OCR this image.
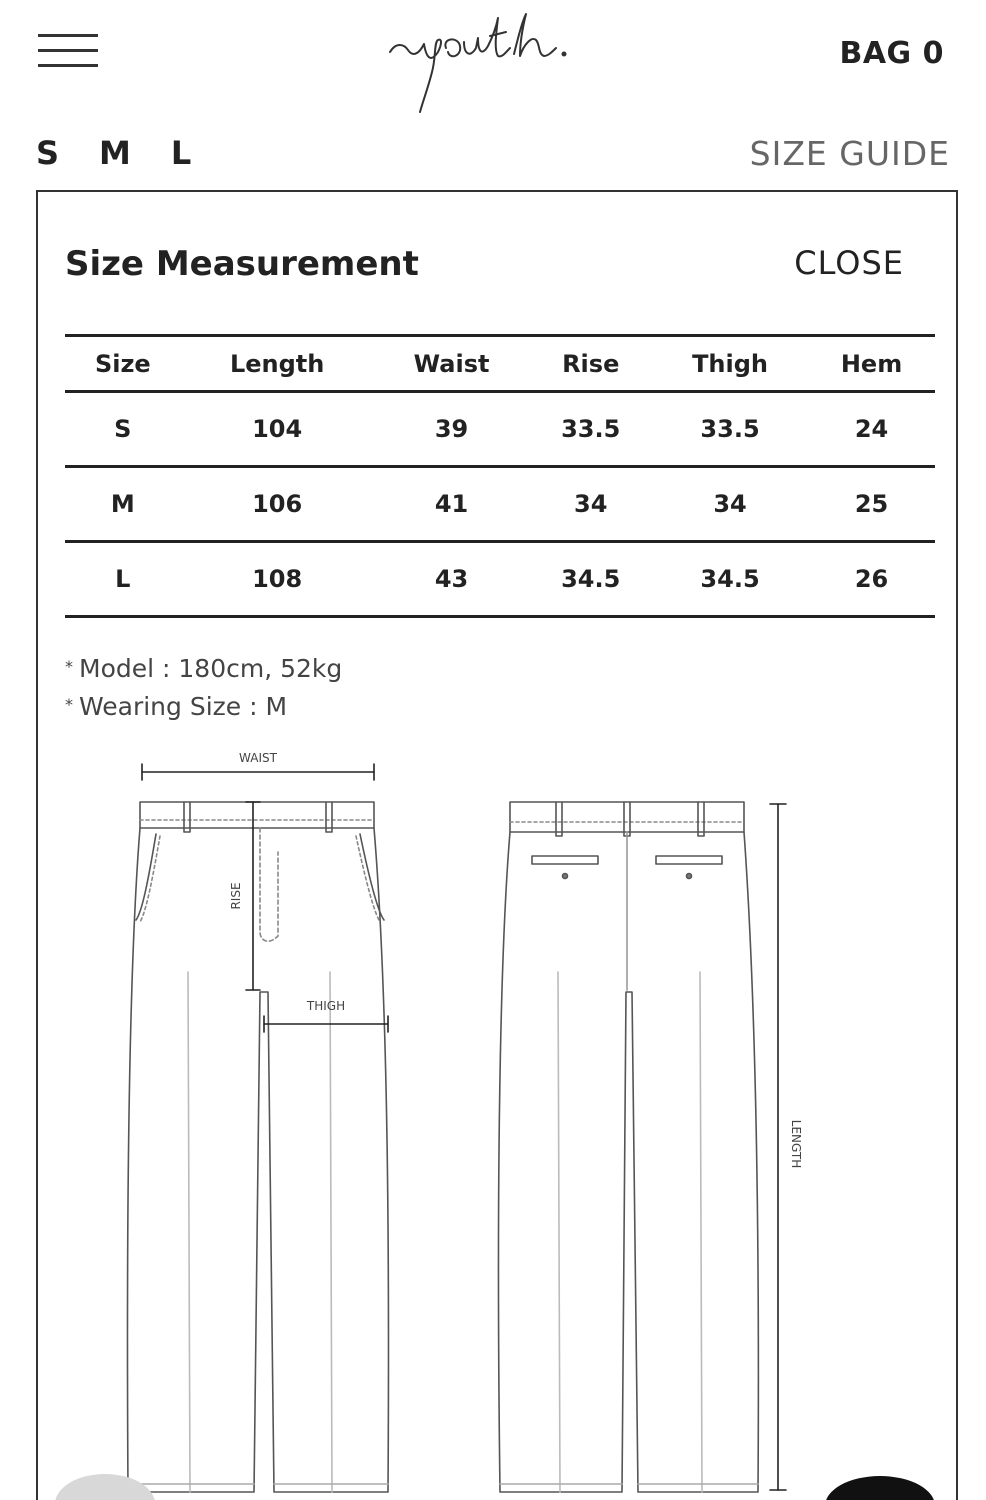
BAG 0
S M L	SIZE GUIDE
Size Measurement	CLOSE
Size	Length	Waist	Rise	Thigh	Hem
S	104	39	33.5	33.5	24
M	106	41	34	34	25
L	108	43	34.5	34.5	26
* Model : 180cm, 52kg
* Wearing Size : M
WAIST
RISE
THIGH
LENGTH
